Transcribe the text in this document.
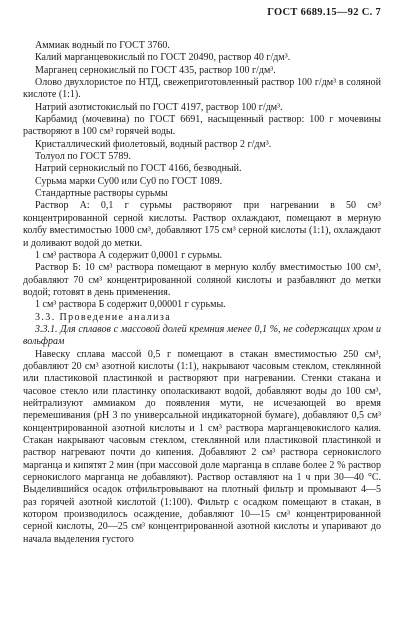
ГОСТ 6689.15—92 С. 7

Аммиак водный по ГОСТ 3760.

Калий марганцевокислый по ГОСТ 20490, раствор 40 г/дм³.

Марганец сернокислый по ГОСТ 435, раствор 100 г/дм³.

Олово двухлористое по НТД, свежеприготовленный раствор 100 г/дм³ в соляной кислоте (1:1).

Натрий азотистокислый по ГОСТ 4197, раствор 100 г/дм³.

Карбамид (мочевина) по ГОСТ 6691, насыщенный раствор: 100 г мочевины растворяют в 100 см³ горячей воды.

Кристаллический фиолетовый, водный раствор 2 г/дм³.

Толуол по ГОСТ 5789.

Натрий сернокислый по ГОСТ 4166, безводный.

Сурьма марки Су00 или Су0 по ГОСТ 1089.

Стандартные растворы сурьмы

Раствор А: 0,1 г сурьмы растворяют при нагревании в 50 см³ концентрированной серной кислоты. Раствор охлаждают, помещают в мерную колбу вместимостью 1000 см³, добавляют 175 см³ серной кислоты (1:1), охлаждают и доливают водой до метки.

1 см³ раствора А содержит 0,0001 г сурьмы.

Раствор Б: 10 см³ раствора помещают в мерную колбу вместимостью 100 см³, добавляют 70 см³ концентрированной соляной кислоты и разбавляют до метки водой; готовят в день применения.

1 см³ раствора Б содержит 0,00001 г сурьмы.

3.3. Проведение анализа

3.3.1. Для сплавов с массовой долей кремния менее 0,1 %, не содержащих хром и вольфрам

Навеску сплава массой 0,5 г помещают в стакан вместимостью 250 см³, добавляют 20 см³ азотной кислоты (1:1), накрывают часовым стеклом, стеклянной или пластиковой пластинкой и растворяют при нагревании. Стенки стакана и часовое стекло или пластинку ополаскивают водой, добавляют воды до 100 см³, нейтрализуют аммиаком до появления мути, не исчезающей во время перемешивания (pH 3 по универсальной индикаторной бумаге), добавляют 0,5 см³ концентрированной азотной кислоты и 1 см³ раствора марганцевокислого калия. Стакан накрывают часовым стеклом, стеклянной или пластиковой пластинкой и раствор нагревают почти до кипения. Добавляют 2 см³ раствора сернокислого марганца и кипятят 2 мин (при массовой доле марганца в сплаве более 2 % раствор сернокислого марганца не добавляют). Раствор оставляют на 1 ч при 30—40 °С. Выделившийся осадок отфильтровывают на плотный фильтр и промывают 4—5 раз горячей азотной кислотой (1:100). Фильтр с осадком помещают в стакан, в котором производилось осаждение, добавляют 10—15 см³ концентрированной серной кислоты, 20—25 см³ концентрированной азотной кислоты и упаривают до начала выделения густого
